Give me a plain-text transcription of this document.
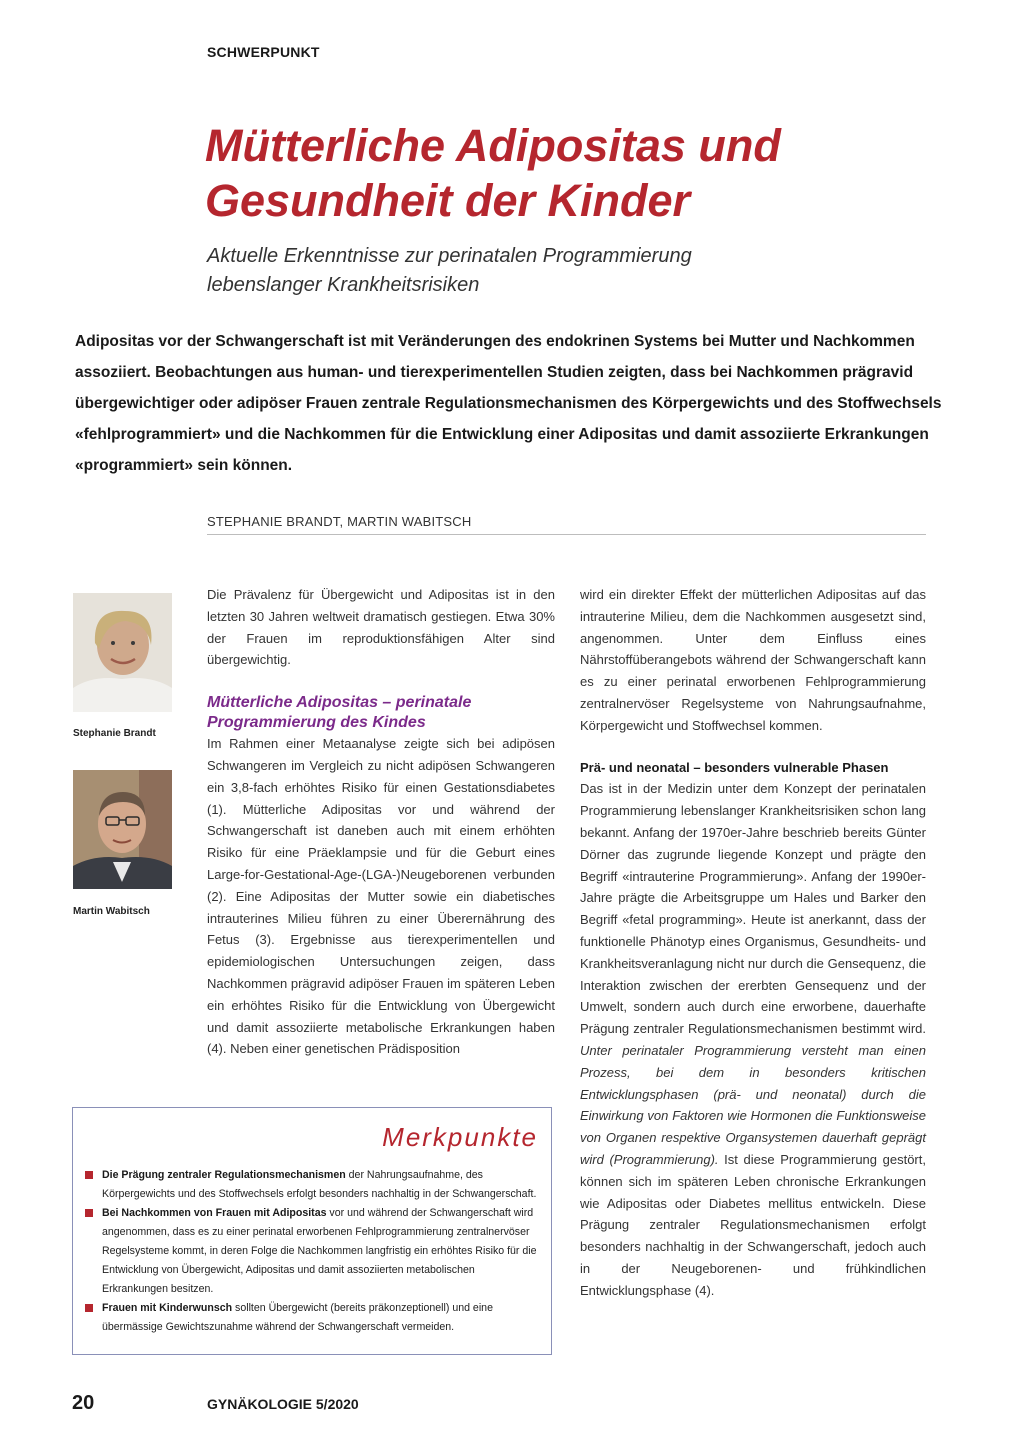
SCHWERPUNKT
Mütterliche Adipositas und
Gesundheit der Kinder
Aktuelle Erkenntnisse zur perinatalen Programmierung
lebenslanger Krankheitsrisiken
Adipositas vor der Schwangerschaft ist mit Veränderungen des endokrinen Systems bei Mutter und Nachkommen assoziiert. Beobachtungen aus human- und tierexperimentellen Studien zeigten, dass bei Nachkommen prägravid übergewichtiger oder adipöser Frauen zentrale Regulationsmechanismen des Körpergewichts und des Stoffwechsels «fehlprogrammiert» und die Nachkommen für die Entwicklung einer Adipositas und damit assoziierte Erkrankungen «programmiert» sein können.
STEPHANIE BRANDT, MARTIN WABITSCH
Stephanie Brandt
Martin Wabitsch

Die Prävalenz für Übergewicht und Adipositas ist in den letzten 30 Jahren weltweit dramatisch gestiegen. Etwa 30% der Frauen im reproduktionsfähigen Alter sind übergewichtig.

Mütterliche Adipositas – perinatale
Programmierung des Kindes

Im Rahmen einer Metaanalyse zeigte sich bei adipösen Schwangeren im Vergleich zu nicht adipösen Schwangeren ein 3,8-fach erhöhtes Risiko für einen Gestationsdiabetes (1). Mütterliche Adipositas vor und während der Schwangerschaft ist daneben auch mit einem erhöhten Risiko für eine Präeklampsie und für die Geburt eines Large-for-Gestational-Age-(LGA-)Neugeborenen verbunden (2). Eine Adipositas der Mutter sowie ein diabetisches intrauterines Milieu führen zu einer Überernährung des Fetus (3). Ergebnisse aus tierexperimentellen und epidemiologischen Untersuchungen zeigen, dass Nachkommen prägravid adipöser Frauen im späteren Leben ein erhöhtes Risiko für die Entwicklung von Übergewicht und damit assoziierte metabolische Erkrankungen haben (4). Neben einer genetischen Prädisposition

wird ein direkter Effekt der mütterlichen Adipositas auf das intrauterine Milieu, dem die Nachkommen ausgesetzt sind, angenommen. Unter dem Einfluss eines Nährstoffüberangebots während der Schwangerschaft kann es zu einer perinatal erworbenen Fehlprogrammierung zentralnervöser Regelsysteme von Nahrungsaufnahme, Körpergewicht und Stoffwechsel kommen.

Prä- und neonatal – besonders vulnerable Phasen

Das ist in der Medizin unter dem Konzept der perinatalen Programmierung lebenslanger Krankheitsrisiken schon lang bekannt. Anfang der 1970er-Jahre beschrieb bereits Günter Dörner das zugrunde liegende Konzept und prägte den Begriff «intrauterine Programmierung». Anfang der 1990er-Jahre prägte die Arbeitsgruppe um Hales und Barker den Begriff «fetal programming». Heute ist anerkannt, dass der funktionelle Phänotyp eines Organismus, Gesundheits- und Krankheitsveranlagung nicht nur durch die Gensequenz, die Interaktion zwischen der ererbten Gensequenz und der Umwelt, sondern auch durch eine erworbene, dauerhafte Prägung zentraler Regulationsmechanismen bestimmt wird. Unter perinataler Programmierung versteht man einen Prozess, bei dem in besonders kritischen Entwicklungsphasen (prä- und neonatal) durch die Einwirkung von Faktoren wie Hormonen die Funktionsweise von Organen respektive Organsystemen dauerhaft geprägt wird (Programmierung). Ist diese Programmierung gestört, können sich im späteren Leben chronische Erkrankungen wie Adipositas oder Diabetes mellitus entwickeln. Diese Prägung zentraler Regulationsmechanismen erfolgt besonders nachhaltig in der Schwangerschaft, jedoch auch in der Neugeborenen- und frühkindlichen Entwicklungsphase (4).

Merkpunkte
Die Prägung zentraler Regulationsmechanismen der Nahrungsaufnahme, des Körpergewichts und des Stoffwechsels erfolgt besonders nachhaltig in der Schwangerschaft.
Bei Nachkommen von Frauen mit Adipositas vor und während der Schwangerschaft wird angenommen, dass es zu einer perinatal erworbenen Fehlprogrammierung zentralnervöser Regelsysteme kommt, in deren Folge die Nachkommen langfristig ein erhöhtes Risiko für die Entwicklung von Übergewicht, Adipositas und damit assoziierten metabolischen Erkrankungen besitzen.
Frauen mit Kinderwunsch sollten Übergewicht (bereits präkonzeptionell) und eine übermässige Gewichtszunahme während der Schwangerschaft vermeiden.
20	GYNÄKOLOGIE 5/2020
